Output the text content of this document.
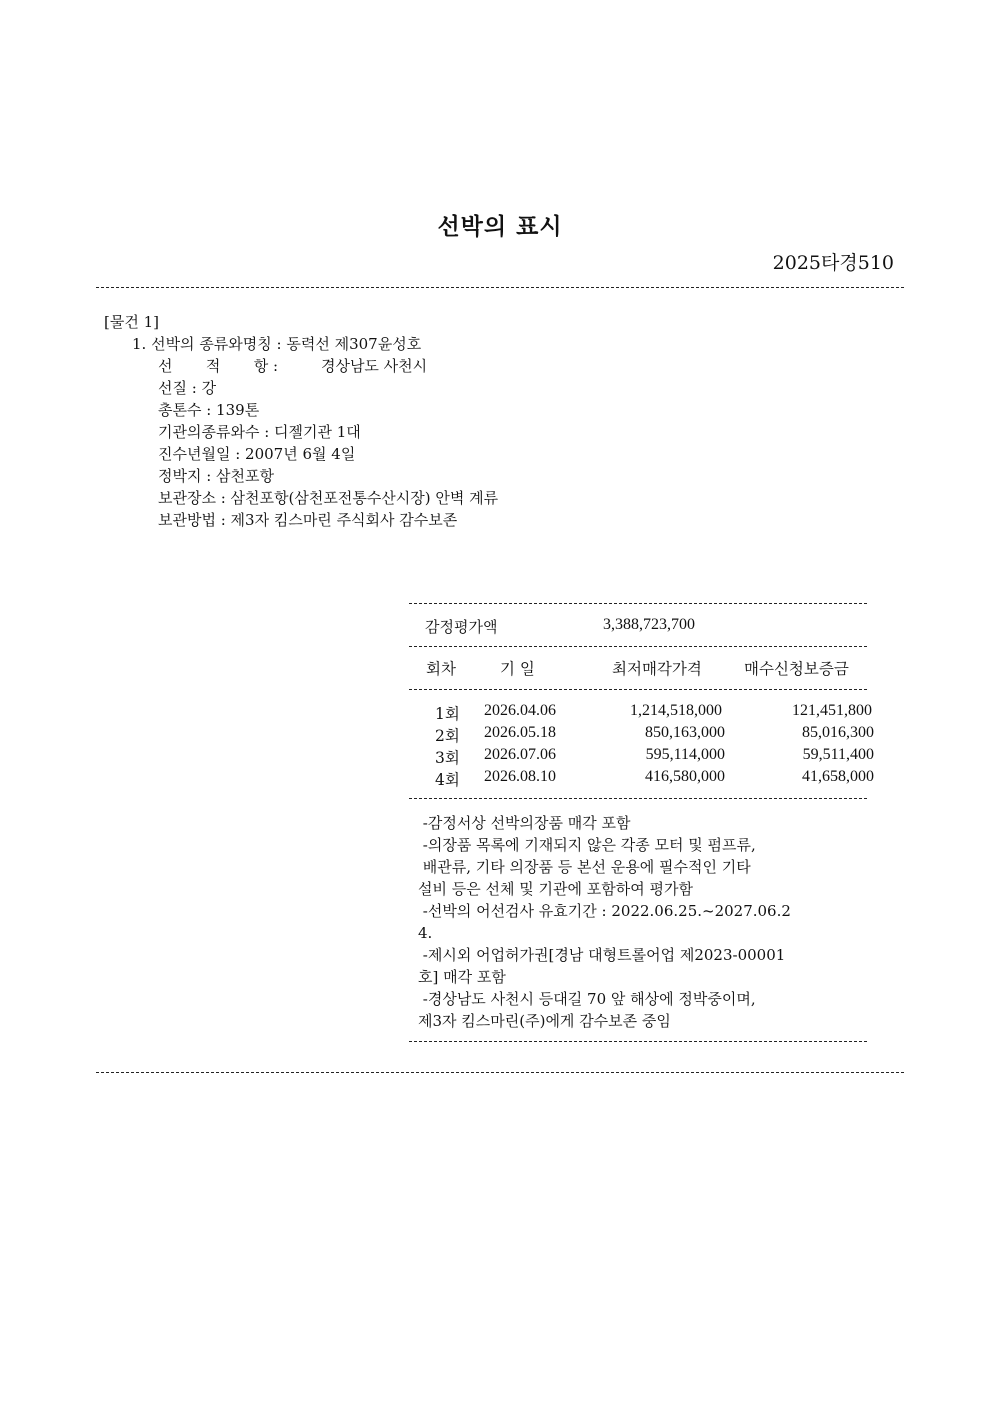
선박의 표시
2025타경510
[물건 1]
1. 선박의 종류와명칭 : 동력선 제307윤성호
선       적       항 :         경상남도 사천시
선질 : 강
총톤수 : 139톤
기관의종류와수 : 디젤기관 1대
진수년월일 : 2007년 6월 4일
정박지 : 삼천포항
보관장소 : 삼천포항(삼천포전통수산시장) 안벽 계류
보관방법 : 제3자 킴스마린 주식회사 감수보존
감정평가액	3,388,723,700
회차	기 일	최저매각가격	매수신청보증금
1회 2026.04.06	1,214,518,000	121,451,800
2회 2026.05.18	850,163,000	85,016,300
3회 2026.07.06	595,114,000	59,511,400
4회 2026.08.10	416,580,000	41,658,000
-감정서상 선박의장품 매각 포함
-의장품 목록에 기재되지 않은 각종 모터 및 펌프류,
배관류, 기타 의장품 등 본선 운용에 필수적인 기타
설비 등은 선체 및 기관에 포함하여 평가함
-선박의 어선검사 유효기간 : 2022.06.25.~2027.06.2
4.
-제시외 어업허가권[경남 대형트롤어업 제2023-00001
호] 매각 포함
-경상남도 사천시 등대길 70 앞 해상에 정박중이며,
제3자 킴스마린(주)에게 감수보존 중임
